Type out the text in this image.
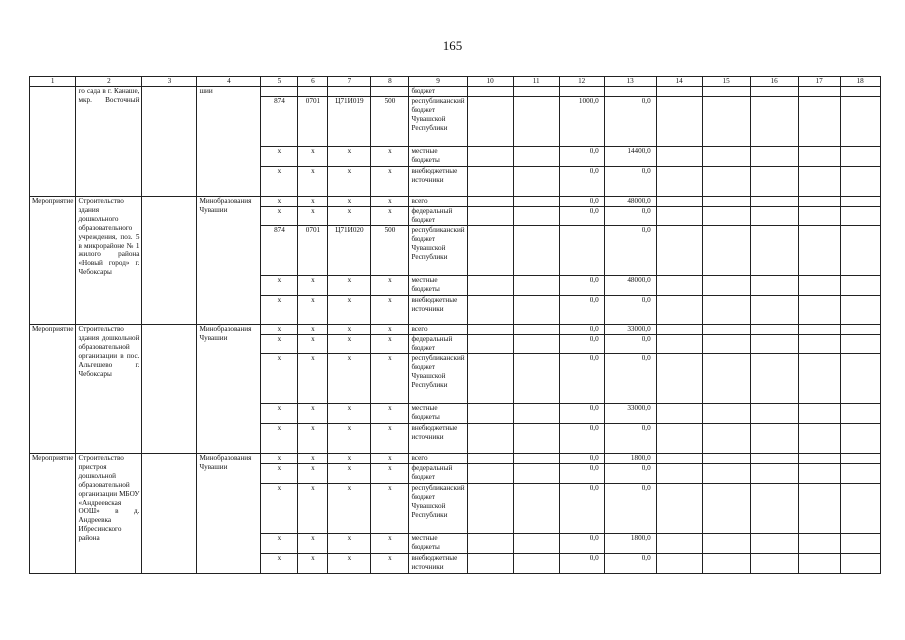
165
1	2	3	4	5	6	7	8	9	10	11	12	13	14	15	16	17	18
	го сада в г. Канаше, мкр. Восточный		шии					бюджет									
				874	0701	Ц71И019	500	республиканский бюджет Чувашской Республики			1000,0	0,0					
				х	х	х	х	местные бюджеты			0,0	14400,0					
				х	х	х	х	внебюджетные источники			0,0	0,0					
Мероприятие	Строительство здания дошкольного образовательного учреждения, поз. 5 в микрорайоне № 1 жилого района «Новый город» г. Чебоксары		Минобразования Чувашии	х	х	х	х	всего			0,0	48000,0					
				х	х	х	х	федеральный бюджет			0,0	0,0					
				874	0701	Ц71И020	500	республиканский бюджет Чувашской Республики				0,0					
				х	х	х	х	местные бюджеты			0,0	48000,0					
				х	х	х	х	внебюджетные источники			0,0	0,0					
Мероприятие	Строительство здания дошкольной образовательной организации в пос. Альгешево г. Чебоксары		Минобразования Чувашии	х	х	х	х	всего			0,0	33000,0					
				х	х	х	х	федеральный бюджет			0,0	0,0					
				х	х	х	х	республиканский бюджет Чувашской Республики			0,0	0,0					
				х	х	х	х	местные бюджеты			0,0	33000,0					
				х	х	х	х	внебюджетные источники			0,0	0,0					
Мероприятие	Строительство пристроя дошкольной образовательной организации МБОУ «Андреевская ООШ» в д. Андреевка Ибресинского района		Минобразования Чувашии	х	х	х	х	всего			0,0	1800,0					
				х	х	х	х	федеральный бюджет			0,0	0,0					
				х	х	х	х	республиканский бюджет Чувашской Республики			0,0	0,0					
				х	х	х	х	местные бюджеты			0,0	1800,0					
				х	х	х	х	внебюджетные источники			0,0	0,0					
